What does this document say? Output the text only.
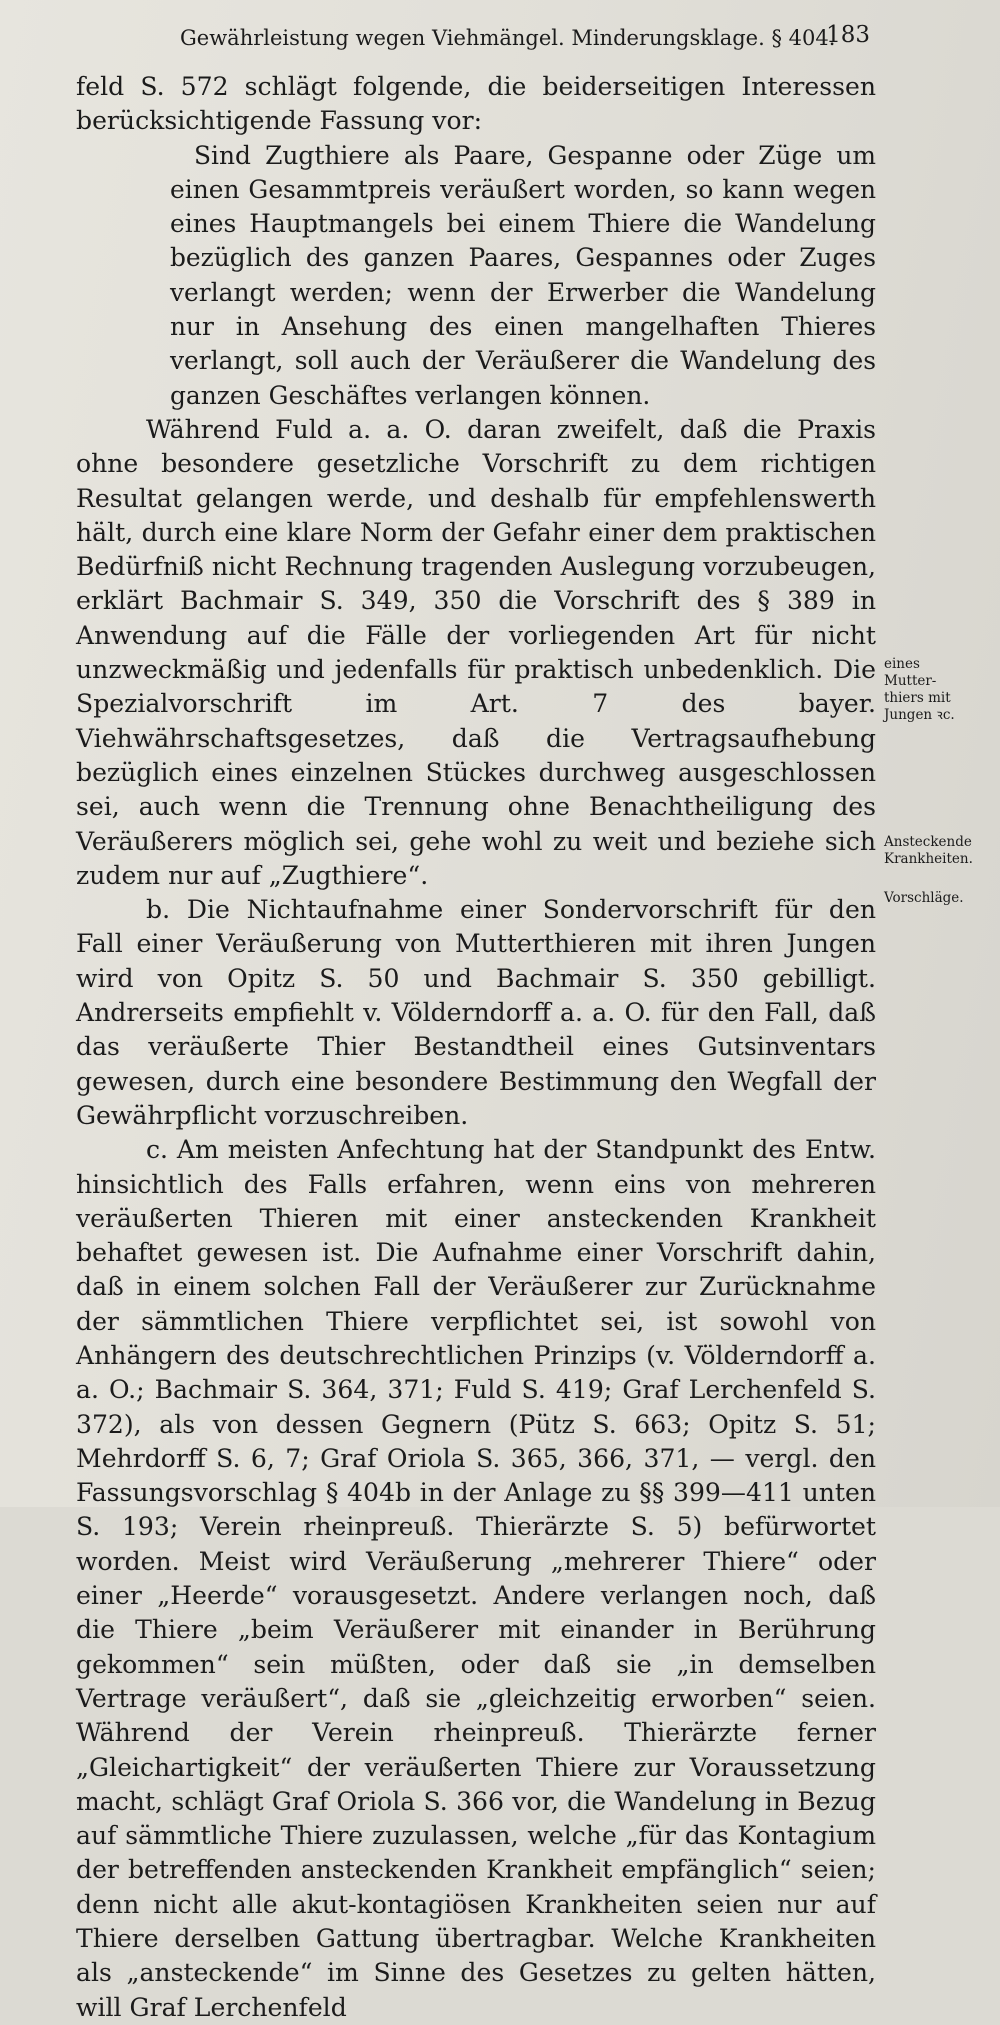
Gewährleistung wegen Viehmängel. Minderungsklage. § 404.
183

feld S. 572 schlägt folgende, die beiderseitigen Interessen berücksichtigende Fassung vor:

Sind Zugthiere als Paare, Gespanne oder Züge um einen Gesammtpreis veräußert worden, so kann wegen eines Hauptmangels bei einem Thiere die Wandelung bezüglich des ganzen Paares, Gespannes oder Zuges verlangt werden; wenn der Erwerber die Wandelung nur in Ansehung des einen mangelhaften Thieres verlangt, soll auch der Veräußerer die Wandelung des ganzen Geschäftes verlangen können.

Während Fuld a. a. O. daran zweifelt, daß die Praxis ohne besondere gesetzliche Vorschrift zu dem richtigen Resultat gelangen werde, und deshalb für empfehlenswerth hält, durch eine klare Norm der Gefahr einer dem praktischen Bedürfniß nicht Rechnung tragenden Auslegung vorzubeugen, erklärt Bachmair S. 349, 350 die Vorschrift des § 389 in Anwendung auf die Fälle der vorliegenden Art für nicht unzweckmäßig und jedenfalls für praktisch unbedenklich. Die Spezialvorschrift im Art. 7 des bayer. Viehwährschaftsgesetzes, daß die Vertragsaufhebung bezüglich eines einzelnen Stückes durchweg ausgeschlossen sei, auch wenn die Trennung ohne Benachtheiligung des Veräußerers möglich sei, gehe wohl zu weit und beziehe sich zudem nur auf „Zugthiere“.

b. Die Nichtaufnahme einer Sondervorschrift für den Fall einer Veräußerung von Mutterthieren mit ihren Jungen wird von Opitz S. 50 und Bachmair S. 350 gebilligt. Andrerseits empfiehlt v. Völderndorff a. a. O. für den Fall, daß das veräußerte Thier Bestandtheil eines Gutsinventars gewesen, durch eine besondere Bestimmung den Wegfall der Gewährpflicht vorzuschreiben.

c. Am meisten Anfechtung hat der Standpunkt des Entw. hinsichtlich des Falls erfahren, wenn eins von mehreren veräußerten Thieren mit einer ansteckenden Krankheit behaftet gewesen ist. Die Aufnahme einer Vorschrift dahin, daß in einem solchen Fall der Veräußerer zur Zurücknahme der sämmtlichen Thiere verpflichtet sei, ist sowohl von Anhängern des deutschrechtlichen Prinzips (v. Völderndorff a. a. O.; Bachmair S. 364, 371; Fuld S. 419; Graf Lerchenfeld S. 372), als von dessen Gegnern (Pütz S. 663; Opitz S. 51; Mehrdorff S. 6, 7; Graf Oriola S. 365, 366, 371, — vergl. den Fassungsvorschlag § 404b in der Anlage zu §§ 399—411 unten S. 193; Verein rheinpreuß. Thierärzte S. 5) befürwortet worden. Meist wird Veräußerung „mehrerer Thiere“ oder einer „Heerde“ vorausgesetzt. Andere verlangen noch, daß die Thiere „beim Veräußerer mit einander in Berührung gekommen“ sein müßten, oder daß sie „in demselben Vertrage veräußert“, daß sie „gleichzeitig erworben“ seien. Während der Verein rheinpreuß. Thierärzte ferner „Gleichartigkeit“ der veräußerten Thiere zur Voraussetzung macht, schlägt Graf Oriola S. 366 vor, die Wandelung in Bezug auf sämmtliche Thiere zuzulassen, welche „für das Kontagium der betreffenden ansteckenden Krankheit empfänglich“ seien; denn nicht alle akut-kontagiösen Krankheiten seien nur auf Thiere derselben Gattung übertragbar. Welche Krankheiten als „ansteckende“ im Sinne des Gesetzes zu gelten hätten, will Graf Lerchenfeld

eines Mutter-
thiers mit
Jungen ꝛc.
Ansteckende
Krankheiten.
Vorschläge.
